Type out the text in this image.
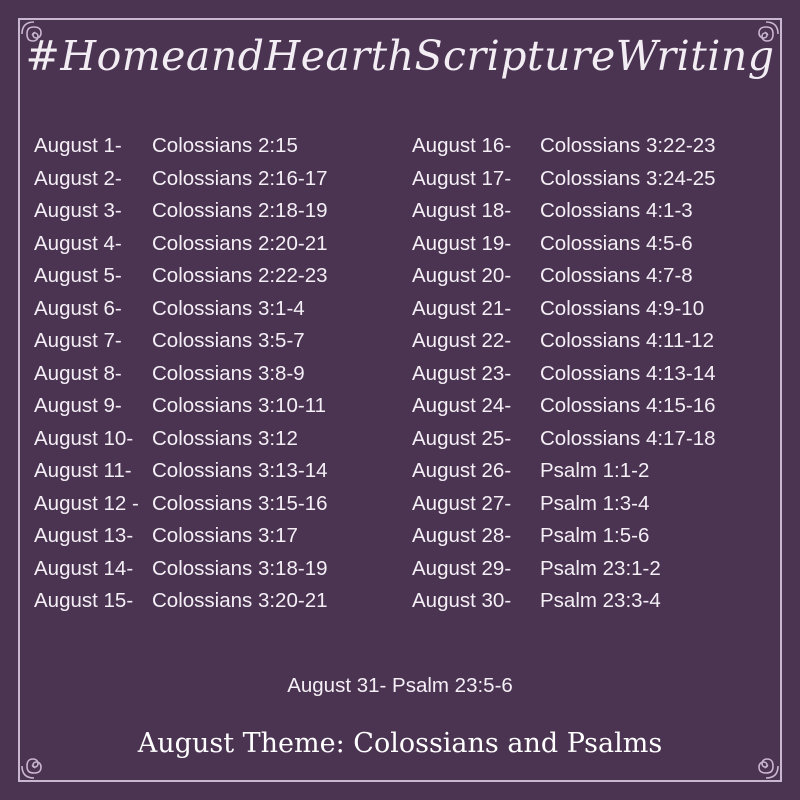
#HomeandHearthScriptureWriting
August 1-	Colossians 2:15
August 2-	Colossians 2:16-17
August 3-	Colossians 2:18-19
August 4-	Colossians 2:20-21
August 5-	Colossians 2:22-23
August 6-	Colossians 3:1-4
August 7-	Colossians 3:5-7
August 8-	Colossians 3:8-9
August 9-	Colossians 3:10-11
August 10- Colossians 3:12
August 11- Colossians 3:13-14
August 12 - Colossians 3:15-16
August 13- Colossians 3:17
August 14- Colossians 3:18-19
August 15- Colossians 3:20-21
August 16-	Colossians 3:22-23
August 17-	Colossians 3:24-25
August 18-	Colossians 4:1-3
August 19-	Colossians 4:5-6
August 20-	Colossians 4:7-8
August 21-	Colossians 4:9-10
August 22-	Colossians 4:11-12
August 23-	Colossians 4:13-14
August 24-	Colossians 4:15-16
August 25-	Colossians 4:17-18
August 26-	Psalm 1:1-2
August 27-	Psalm 1:3-4
August 28-	Psalm 1:5-6
August 29-	Psalm 23:1-2
August 30-	Psalm 23:3-4
August 31- Psalm 23:5-6
August Theme: Colossians and Psalms
